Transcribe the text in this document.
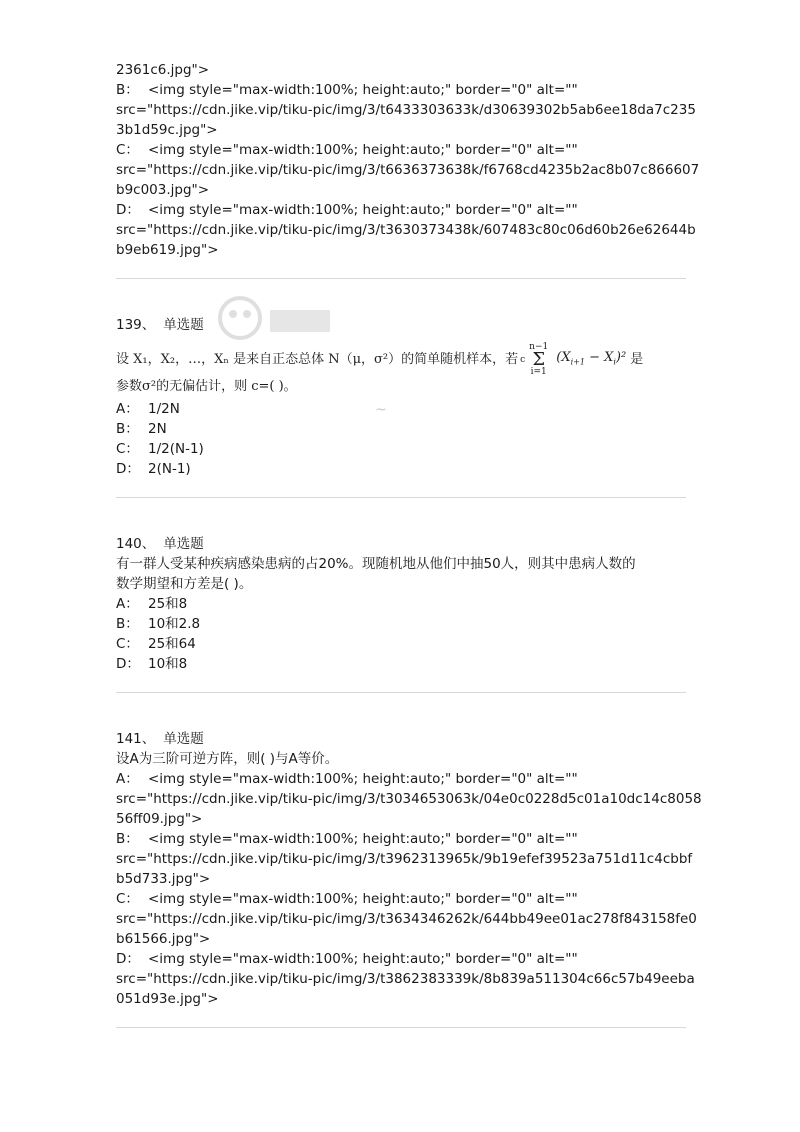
~
2361c6.jpg">
B： <img style="max-width:100%; height:auto;" border="0" alt=""
src="https://cdn.jike.vip/tiku-pic/img/3/t6433303633k/d30639302b5ab6ee18da7c235
3b1d59c.jpg">
C： <img style="max-width:100%; height:auto;" border="0" alt=""
src="https://cdn.jike.vip/tiku-pic/img/3/t6636373638k/f6768cd4235b2ac8b07c866607
b9c003.jpg">
D： <img style="max-width:100%; height:auto;" border="0" alt=""
src="https://cdn.jike.vip/tiku-pic/img/3/t3630373438k/607483c80c06d60b26e62644b
b9eb619.jpg">
139、 单选题
设 X₁，X₂，…，Xₙ 是来自正态总体 N（μ，σ²）的简单随机样本，若 c
n−1
Σ
i=1
$(X_{i+1} - X_i)^2$ 是
参数σ²的无偏估计，则 c=( )。
A： 1/2N
B： 2N
C： 1/2(N-1)
D： 2(N-1)
140、 单选题
有一群人受某种疾病感染患病的占20%。现随机地从他们中抽50人，则其中患病人数的
数学期望和方差是( )。
A： 25和8
B： 10和2.8
C： 25和64
D： 10和8
141、 单选题
设A为三阶可逆方阵，则( )与A等价。
A： <img style="max-width:100%; height:auto;" border="0" alt=""
src="https://cdn.jike.vip/tiku-pic/img/3/t3034653063k/04e0c0228d5c01a10dc14c8058
56ff09.jpg">
B： <img style="max-width:100%; height:auto;" border="0" alt=""
src="https://cdn.jike.vip/tiku-pic/img/3/t3962313965k/9b19efef39523a751d11c4cbbf
b5d733.jpg">
C： <img style="max-width:100%; height:auto;" border="0" alt=""
src="https://cdn.jike.vip/tiku-pic/img/3/t3634346262k/644bb49ee01ac278f843158fe0
b61566.jpg">
D： <img style="max-width:100%; height:auto;" border="0" alt=""
src="https://cdn.jike.vip/tiku-pic/img/3/t3862383339k/8b839a511304c66c57b49eeba
051d93e.jpg">
